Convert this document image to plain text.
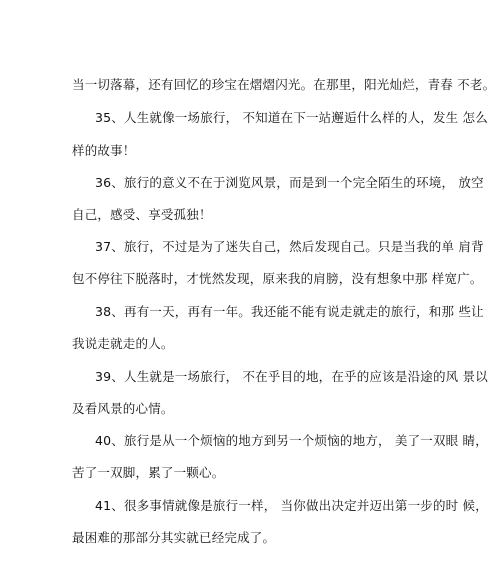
当一切落幕，还有回忆的珍宝在熠熠闪光。在那里，阳光灿烂，青春 不老。
35、人生就像一场旅行， 不知道在下一站邂逅什么样的人，发生 怎么
样的故事！
36、旅行的意义不在于浏览风景，而是到一个完全陌生的环境， 放空
自己，感受、享受孤独！
37、旅行，不过是为了迷失自己，然后发现自己。只是当我的单 肩背
包不停往下脱落时，才恍然发现，原来我的肩膀，没有想象中那 样宽广。
38、再有一天，再有一年。我还能不能有说走就走的旅行，和那 些让
我说走就走的人。
39、人生就是一场旅行， 不在乎目的地，在乎的应该是沿途的风 景以
及看风景的心情。
40、旅行是从一个烦恼的地方到另一个烦恼的地方， 美了一双眼 睛，
苦了一双脚，累了一颗心。
41、很多事情就像是旅行一样， 当你做出决定并迈出第一步的时 候，
最困难的那部分其实就已经完成了。
